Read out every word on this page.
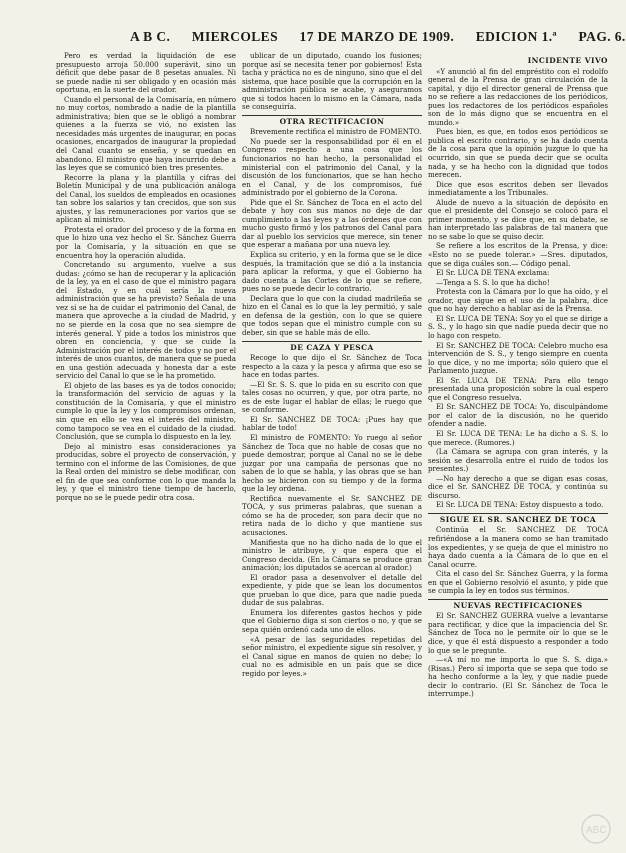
A B C. MIERCOLES 17 DE MARZO DE 1909. EDICION 1.ª PAG. 6.

Pero es verdad la liquidación de ese presupuesto arroja 50.000 superávit, sino un déficit que debe pasar de 8 pesetas anuales. Ni se puede nadie ni ser obligado y en ocasión más oportuna, en la suerte del orador.

Cuando el personal de la Comisaría, en número no muy cortos, nombrado a nadie de la plantilla administrativa; bien que se le obligó a nombrar quienes a la fuerza se vió, no existen las necesidades más urgentes de inaugurar, en pocas ocasiones, encargados de inaugurar la propiedad del Canal cuanto se enseña, y se quedan en abandono. El ministro que haya incurrido debe a las leyes que se comunicó bien tres presentes.

Recorre la plana y la plantilla y cifras del Boletín Municipal y de una publicación análoga del Canal, los sueldos de empleados en ocasiones tan sobre los salarios y tan crecidos, que son sus ajustes, y las remuneraciones por varios que se aplican al ministro.

Protesta el orador del proceso y de la forma en que lo hizo una vez hecho el Sr. Sánchez Guerra por la Comisaría, y la situación en que se encuentra hoy la operación aludida.

Concretando su argumento, vuelve a sus dudas: ¿cómo se han de recuperar y la aplicación de la ley, ya en el caso de que el ministro pagara del Estado, y en cuál sería la nueva administración que se ha previsto? Señala de una vez si se ha de cuidar el patrimonio del Canal, de manera que aproveche a la ciudad de Madrid, y no se pierde en la cosa que no sea siempre de interés general. Y pide a todos los ministros que obren en conciencia, y que se cuide la Administración por el interés de todos y no por el interés de unos cuantos, de manera que se pueda en una gestión adecuada y honesta dar a este servicio del Canal lo que se le ha prometido.

El objeto de las bases es ya de todos conocido; la transformación del servicio de aguas y la constitución de la Comisaría, y que el ministro cumple lo que la ley y los compromisos ordenan, sin que en ello se vea el interés del ministro, como tampoco se vea en el cuidado de la ciudad. Conclusión, que se cumpla lo dispuesto en la ley.

Dejo al ministro esas consideraciones ya producidas, sobre el proyecto de conservación, y termino con el informe de las Comisiones, de que la Real orden del ministro se debe modificar, con el fin de que sea conforme con lo que manda la ley, y que el ministro tiene tiempo de hacerlo, porque no se le puede pedir otra cosa.

ublicar de un diputado, cuando los fusiones; porque así se necesita tener por gobiernos! Esta tacha y práctica no es de ninguno, sino que el del sistema, que hace posible que la corrupción en la administración pública se acabe, y aseguramos que si todos hacen lo mismo en la Cámara, nada se conseguiría.

OTRA RECTIFICACION

Brevemente rectifica el ministro de FOMENTO.

No puede ser la responsabilidad por él en el Congreso respecto a una cosa que los funcionarios no han hecho, la personalidad el ministerial con el patrimonio del Canal, y la discusión de los funcionarios, que se han hecho en el Canal, y de los compromisos, fué administrado por el gobierno de la Corona.

Pide que el Sr. Sánchez de Toca en el acto del debate y hoy con sus manos no deje de dar cumplimiento a las leyes y a las órdenes que con mucho gusto firmó y los patronos del Canal para dar al pueblo los servicios que merece, sin tener que esperar a mañana por una nueva ley.

Explica su criterio, y en la forma que se le dice después, la tramitación que se dió a la instancia para aplicar la reforma, y que el Gobierno ha dado cuenta a las Cortes de lo que se refiere, pues no se puede decir lo contrario.

Declara que lo que con la ciudad madrileña se hizo en el Canal es lo que la ley permitió, y sale en defensa de la gestión, con lo que se quiere que todos sepan que el ministro cumple con su deber, sin que se hable más de ello.

DE CAZA Y PESCA

Recoge lo que dijo el Sr. Sánchez de Toca respecto a la caza y la pesca y afirma que eso se hace en todas partes.

—El Sr. S. S. que lo pida en su escrito con que tales cosas no ocurren, y que, por otra parte, no es de este lugar el hablar de ellas; le ruego que se conforme.

El Sr. SANCHEZ DE TOCA: ¡Pues hay que hablar de todo!

El ministro de FOMENTO: Yo ruego al señor Sánchez de Toca que no hable de cosas que no puede demostrar, porque al Canal no se le debe juzgar por una campaña de personas que no saben de lo que se habla, y las obras que se han hecho se hicieron con su tiempo y de la forma que la ley ordena.

Rectifica nuevamente el Sr. SANCHEZ DE TOCA, y sus primeras palabras, que suenan a cómo se ha de proceder, son para decir que no retira nada de lo dicho y que mantiene sus acusaciones.

Manifiesta que no ha dicho nada de lo que el ministro le atribuye, y que espera que el Congreso decida. (En la Cámara se produce gran animación; los diputados se acercan al orador.)

El orador pasa a desenvolver el detalle del expediente, y pide que se lean los documentos que prueban lo que dice, para que nadie pueda dudar de sus palabras.

Enumera los diferentes gastos hechos y pide que el Gobierno diga si son ciertos o no, y que se sepa quién ordenó cada uno de ellos.

«A pesar de las seguridades repetidas del señor ministro, el expediente sigue sin resolver, y el Canal sigue en manos de quien no debe; lo cual no es admisible en un país que se dice regido por leyes.»

INCIDENTE VIVO

«Y anunció al fin del empréstito con el rodolfo general de la Prensa de gran circulación de la capital, y dijo el director general de Prensa que no se refiere a las redacciones de los periódicos, pues los redactores de los periódicos españoles son de lo más digno que se encuentra en el mundo.»

Pues bien, es que, en todos esos periódicos se publica el escrito contrario, y se ha dado cuenta de la cosa para que la opinión juzgue lo que ha ocurrido, sin que se pueda decir que se oculta nada, y se ha hecho con la dignidad que todos merecen.

Dice que esos escritos deben ser llevados inmediatamente a los Tribunales.

Alude de nuevo a la situación de depósito en que el presidente del Consejo se colocó para el primer momento, y se dice que, en su debate, se han interpretado las palabras de tal manera que no se sabe lo que se quiso decir.

Se refiere a los escritos de la Prensa, y dice: «Esto no se puede tolerar.» —Sres. diputados, que se diga cuáles son.— Código penal.

El Sr. LUCA DE TENA exclama:

—Tenga a S. S. lo que ha dicho!

Protesta con la Cámara por lo que ha oído, y el orador, que sigue en el uso de la palabra, dice que no hay derecho a hablar así de la Prensa.

El Sr. LUCA DE TENA: Soy yo el que se dirige a S. S., y lo hago sin que nadie pueda decir que no lo hago con respeto.

El Sr. SANCHEZ DE TOCA: Celebro mucho esa intervención de S. S., y tengo siempre en cuenta lo que dice, y no me importa; sólo quiero que el Parlamento juzgue.

El Sr. LUCA DE TENA: Para ello tengo presentada una proposición sobre la cual espero que el Congreso resuelva.

El Sr. SANCHEZ DE TOCA: Yo, disculpándome por el calor de la discusión, no he querido ofender a nadie.

El Sr. LUCA DE TENA: Le ha dicho a S. S. lo que merece. (Rumores.)

(La Cámara se agrupa con gran interés, y la sesión se desarrolla entre el ruido de todos los presentes.)

—No hay derecho a que se digan esas cosas, dice el Sr. SANCHEZ DE TOCA, y continúa su discurso.

El Sr. LUCA DE TENA: Estoy dispuesto a todo.

SIGUE EL SR. SANCHEZ DE TOCA

Continúa el Sr. SANCHEZ DE TOCA refiriéndose a la manera como se han tramitado los expedientes, y se queja de que el ministro no haya dado cuenta a la Cámara de lo que en el Canal ocurre.

Cita el caso del Sr. Sánchez Guerra, y la forma en que el Gobierno resolvió el asunto, y pide que se cumpla la ley en todos sus términos.

NUEVAS RECTIFICACIONES

El Sr. SANCHEZ GUERRA vuelve a levantarse para rectificar, y dice que la impaciencia del Sr. Sánchez de Toca no le permite oír lo que se le dice, y que él está dispuesto a responder a todo lo que se le pregunte.

—«A mí no me importa lo que S. S. diga.» (Risas.) Pero sí importa que se sepa que todo se ha hecho conforme a la ley, y que nadie puede decir lo contrario. (El Sr. Sánchez de Toca le interrumpe.)

ABC
